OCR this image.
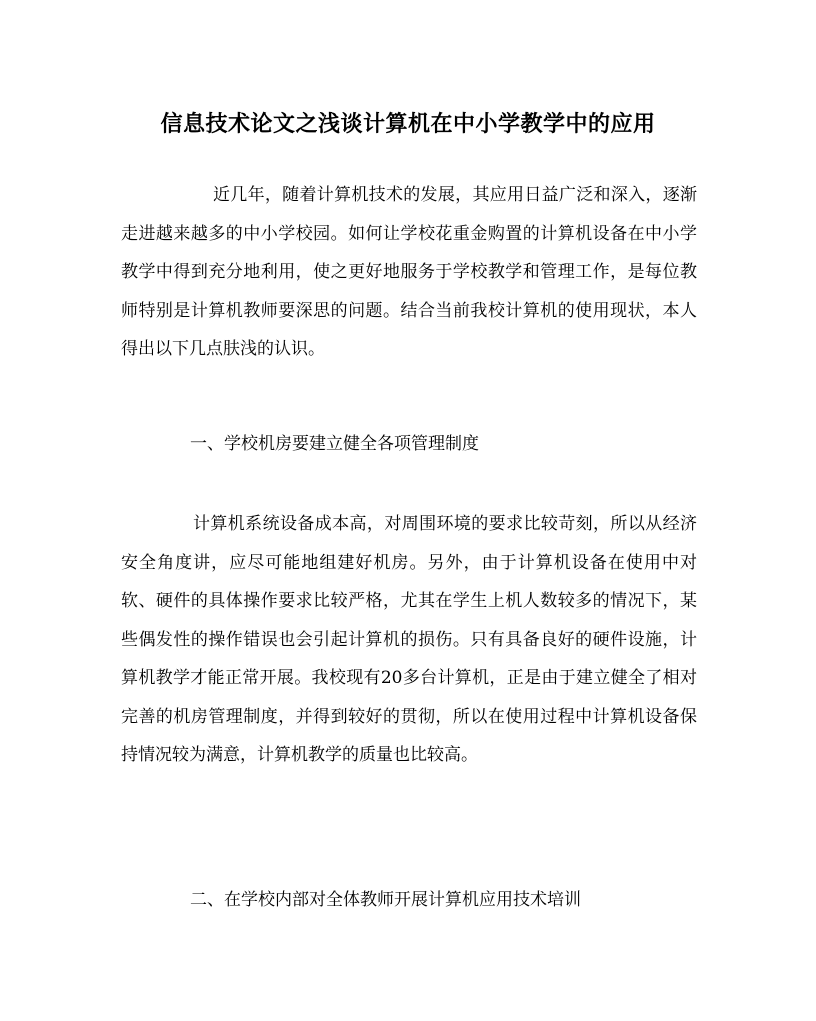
信息技术论文之浅谈计算机在中小学教学中的应用

近几年，随着计算机技术的发展，其应用日益广泛和深入，逐渐走进越来越多的中小学校园。如何让学校花重金购置的计算机设备在中小学教学中得到充分地利用，使之更好地服务于学校教学和管理工作，是每位教师特别是计算机教师要深思的问题。结合当前我校计算机的使用现状，本人得出以下几点肤浅的认识。

一、学校机房要建立健全各项管理制度

计算机系统设备成本高，对周围环境的要求比较苛刻，所以从经济安全角度讲，应尽可能地组建好机房。另外，由于计算机设备在使用中对软、硬件的具体操作要求比较严格，尤其在学生上机人数较多的情况下，某些偶发性的操作错误也会引起计算机的损伤。只有具备良好的硬件设施，计算机教学才能正常开展。我校现有20多台计算机，正是由于建立健全了相对完善的机房管理制度，并得到较好的贯彻，所以在使用过程中计算机设备保持情况较为满意，计算机教学的质量也比较高。

二、在学校内部对全体教师开展计算机应用技术培训
